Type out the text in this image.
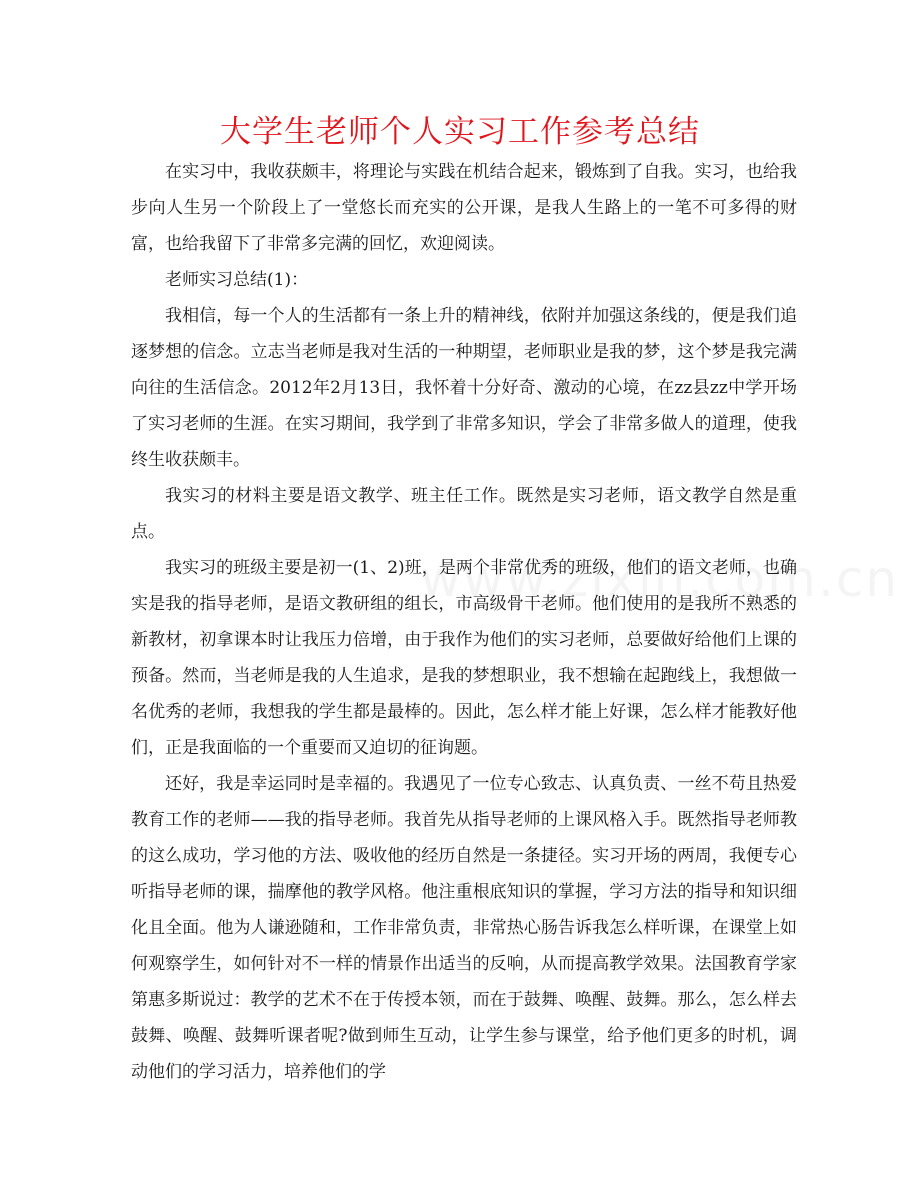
大学生老师个人实习工作参考总结

在实习中，我收获颇丰，将理论与实践在机结合起来，锻炼到了自我。实习，也给我步向人生另一个阶段上了一堂悠长而充实的公开课，是我人生路上的一笔不可多得的财富，也给我留下了非常多完满的回忆，欢迎阅读。

老师实习总结(1)：

我相信，每一个人的生活都有一条上升的精神线，依附并加强这条线的，便是我们追逐梦想的信念。立志当老师是我对生活的一种期望，老师职业是我的梦，这个梦是我完满向往的生活信念。2012年2月13日，我怀着十分好奇、激动的心境，在zz县zz中学开场了实习老师的生涯。在实习期间，我学到了非常多知识，学会了非常多做人的道理，使我终生收获颇丰。

我实习的材料主要是语文教学、班主任工作。既然是实习老师，语文教学自然是重点。

我实习的班级主要是初一(1、2)班，是两个非常优秀的班级，他们的语文老师，也确实是我的指导老师，是语文教研组的组长，市高级骨干老师。他们使用的是我所不熟悉的新教材，初拿课本时让我压力倍增，由于我作为他们的实习老师，总要做好给他们上课的预备。然而，当老师是我的人生追求，是我的梦想职业，我不想输在起跑线上，我想做一名优秀的老师，我想我的学生都是最棒的。因此，怎么样才能上好课，怎么样才能教好他们，正是我面临的一个重要而又迫切的征询题。

还好，我是幸运同时是幸福的。我遇见了一位专心致志、认真负责、一丝不苟且热爱教育工作的老师——我的指导老师。我首先从指导老师的上课风格入手。既然指导老师教的这么成功，学习他的方法、吸收他的经历自然是一条捷径。实习开场的两周，我便专心听指导老师的课，揣摩他的教学风格。他注重根底知识的掌握，学习方法的指导和知识细化且全面。他为人谦逊随和，工作非常负责，非常热心肠告诉我怎么样听课，在课堂上如何观察学生，如何针对不一样的情景作出适当的反响，从而提高教学效果。法国教育学家第惠多斯说过：教学的艺术不在于传授本领，而在于鼓舞、唤醒、鼓舞。那么，怎么样去鼓舞、唤醒、鼓舞听课者呢?做到师生互动，让学生参与课堂，给予他们更多的时机，调动他们的学习活力，培养他们的学
